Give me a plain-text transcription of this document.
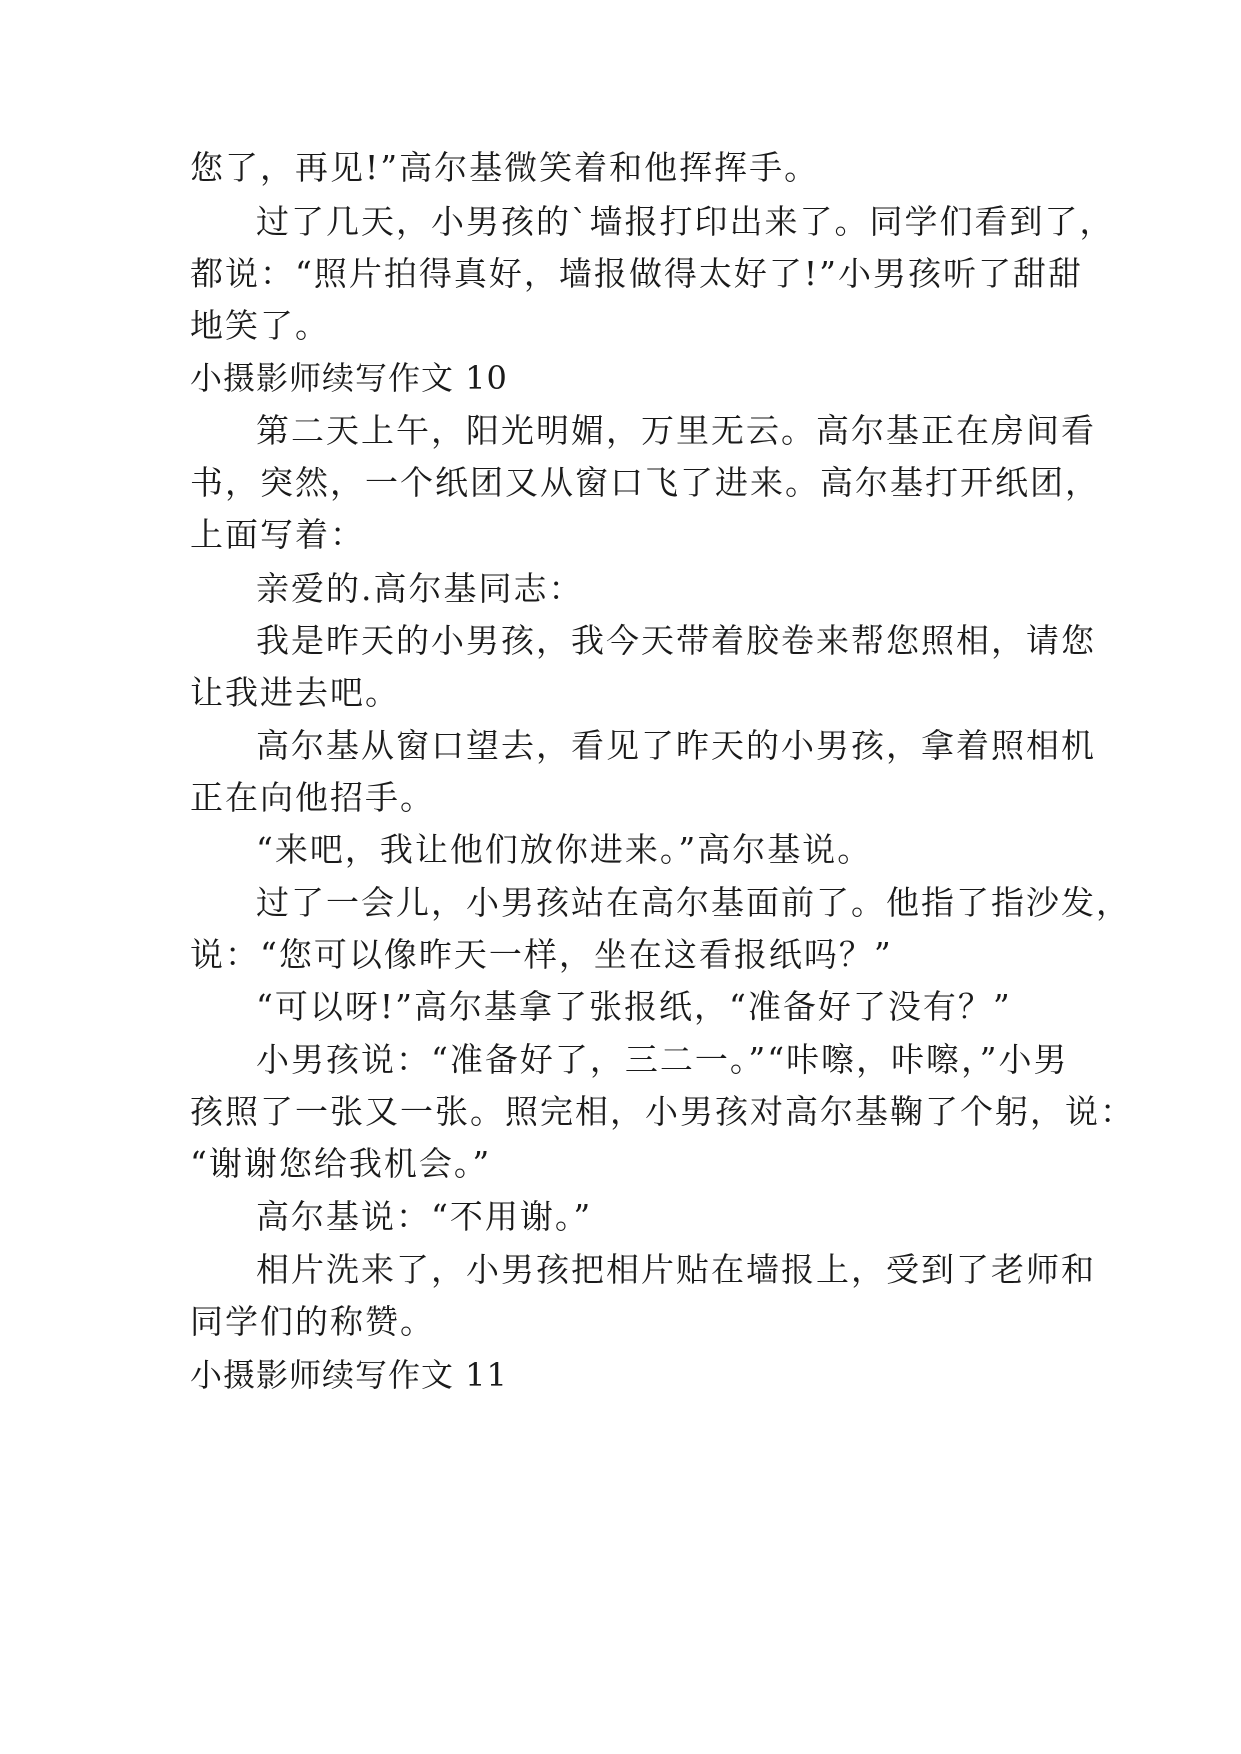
您了，再见!”高尔基微笑着和他挥挥手。
过了几天，小男孩的`墙报打印出来了。同学们看到了，
都说：“照片拍得真好，墙报做得太好了!”小男孩听了甜甜
地笑了。
小摄影师续写作文 10
第二天上午，阳光明媚，万里无云。高尔基正在房间看
书，突然，一个纸团又从窗口飞了进来。高尔基打开纸团，
上面写着：
亲爱的.高尔基同志：
我是昨天的小男孩，我今天带着胶卷来帮您照相，请您
让我进去吧。
高尔基从窗口望去，看见了昨天的小男孩，拿着照相机
正在向他招手。
“来吧，我让他们放你进来。”高尔基说。
过了一会儿，小男孩站在高尔基面前了。他指了指沙发，
说：“您可以像昨天一样，坐在这看报纸吗？”
“可以呀!”高尔基拿了张报纸，“准备好了没有？”
小男孩说：“准备好了，三二一。”“咔嚓，咔嚓，”小男
孩照了一张又一张。照完相，小男孩对高尔基鞠了个躬，说：
“谢谢您给我机会。”
高尔基说：“不用谢。”
相片洗来了，小男孩把相片贴在墙报上，受到了老师和
同学们的称赞。
小摄影师续写作文 11
